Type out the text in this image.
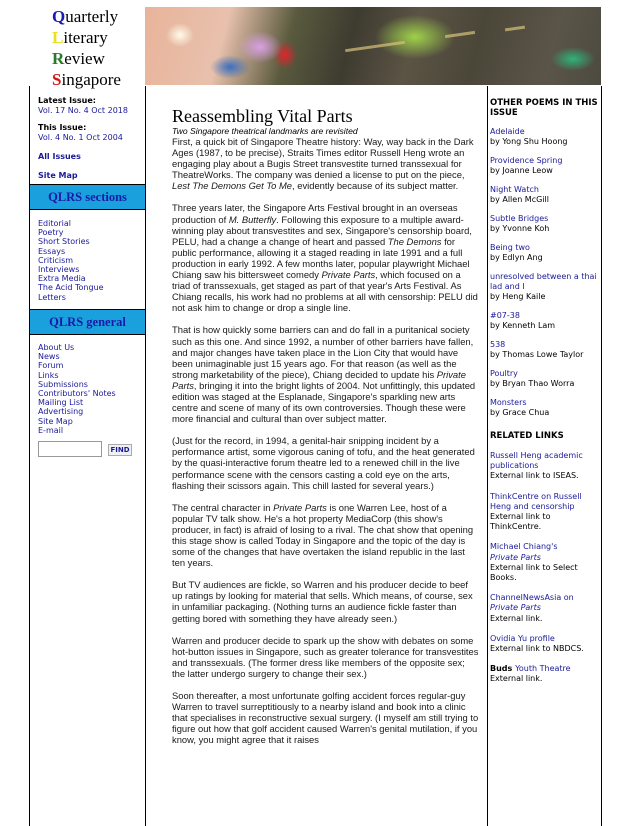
Quarterly
Literary
Review
Singapore
Latest Issue:
Vol. 17 No. 4 Oct 2018
This Issue:
Vol. 4 No. 1 Oct 2004
All Issues
Site Map
QLRS sections
Editorial
Poetry
Short Stories
Essays
Criticism
Interviews
Extra Media
The Acid Tongue
Letters
QLRS general
About Us
News
Forum
Links
Submissions
Contributors' Notes
Mailing List
Advertising
Site Map
E-mail
FIND
Reassembling Vital Parts
Two Singapore theatrical landmarks are revisited

First, a quick bit of Singapore Theatre history: Way, way back in the Dark Ages (1987, to be precise), Straits Times editor Russell Heng wrote an engaging play about a Bugis Street transvestite turned transsexual for TheatreWorks. The company was denied a license to put on the piece, Lest The Demons Get To Me, evidently because of its subject matter.

Three years later, the Singapore Arts Festival brought in an overseas production of M. Butterfly. Following this exposure to a multiple award-winning play about transvestites and sex, Singapore's censorship board, PELU, had a change a change of heart and passed The Demons for public performance, allowing it a staged reading in late 1991 and a full production in early 1992. A few months later, popular playwright Michael Chiang saw his bittersweet comedy Private Parts, which focused on a triad of transsexuals, get staged as part of that year's Arts Festival. As Chiang recalls, his work had no problems at all with censorship: PELU did not ask him to change or drop a single line.

That is how quickly some barriers can and do fall in a puritanical society such as this one. And since 1992, a number of other barriers have fallen, and major changes have taken place in the Lion City that would have been unimaginable just 15 years ago. For that reason (as well as the strong marketability of the piece), Chiang decided to update his Private Parts, bringing it into the bright lights of 2004. Not unfittingly, this updated edition was staged at the Esplanade, Singapore's sparkling new arts centre and scene of many of its own controversies. Though these were more financial and cultural than over subject matter.

(Just for the record, in 1994, a genital-hair snipping incident by a performance artist, some vigorous caning of tofu, and the heat generated by the quasi-interactive forum theatre led to a renewed chill in the live performance scene with the censors casting a cold eye on the arts, flashing their scissors again. This chill lasted for several years.)

The central character in Private Parts is one Warren Lee, host of a popular TV talk show. He's a hot property MediaCorp (this show's producer, in fact) is afraid of losing to a rival. The chat show that opening this stage show is called Today in Singapore and the topic of the day is some of the changes that have overtaken the island republic in the last ten years.

But TV audiences are fickle, so Warren and his producer decide to beef up ratings by looking for material that sells. Which means, of course, sex in unfamiliar packaging. (Nothing turns an audience fickle faster than getting bored with something they have already seen.)

Warren and producer decide to spark up the show with debates on some hot-button issues in Singapore, such as greater tolerance for transvestites and transsexuals. (The former dress like members of the opposite sex; the latter undergo surgery to change their sex.)

Soon thereafter, a most unfortunate golfing accident forces regular-guy Warren to travel surreptitiously to a nearby island and book into a clinic that specialises in reconstructive sexual surgery. (I myself am still trying to figure out how that golf accident caused Warren's genital mutilation, if you know, you might agree that it raises

OTHER POEMS IN THIS ISSUE
Adelaide
by Yong Shu Hoong
Providence Spring
by Joanne Leow
Night Watch
by Allen McGill
Subtle Bridges
by Yvonne Koh
Being two
by Edlyn Ang
unresolved between a thai lad and I
by Heng Kaile
#07-38
by Kenneth Lam
538
by Thomas Lowe Taylor
Poultry
by Bryan Thao Worra
Monsters
by Grace Chua
RELATED LINKS
Russell Heng academic publications
External link to ISEAS.
ThinkCentre on Russell Heng and censorship
External link to ThinkCentre.
Michael Chiang's
Private Parts
External link to Select Books.
ChannelNewsAsia on
Private Parts
External link.
Ovidia Yu profile
External link to NBDCS.
Buds Youth Theatre
External link.
